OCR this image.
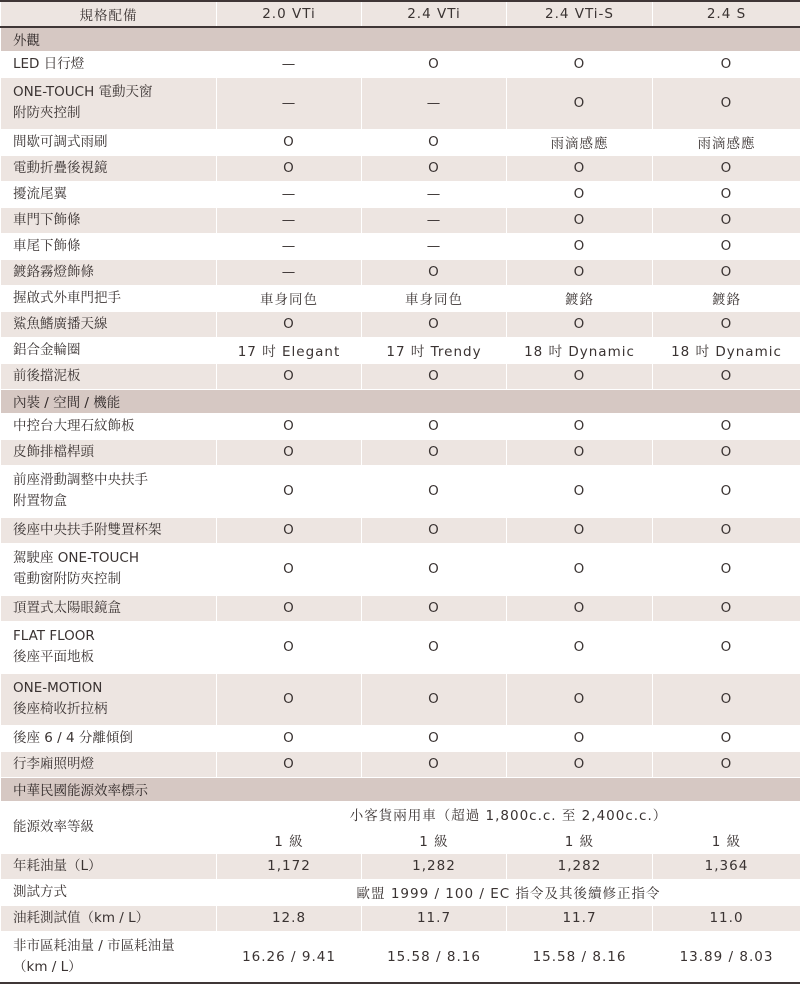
規格配備	2.0 VTi	2.4 VTi	2.4 VTi-S	2.4 S
外觀				

LED 日行燈	—	O	O	O

ONE-TOUCH 電動天窗
附防夾控制	—	—	O	O

間歇可調式雨刷	O	O	雨滴感應	雨滴感應

電動折疊後視鏡	O	O	O	O

擾流尾翼	—	—	O	O

車門下飾條	—	—	O	O

車尾下飾條	—	—	O	O

鍍鉻霧燈飾條	—	O	O	O

握啟式外車門把手	車身同色	車身同色	鍍鉻	鍍鉻

鯊魚鰭廣播天線	O	O	O	O

鋁合金輪圈	17 吋 Elegant	17 吋 Trendy	18 吋 Dynamic	18 吋 Dynamic

前後擋泥板	O	O	O	O
內裝 / 空間 / 機能				

中控台大理石紋飾板	O	O	O	O

皮飾排檔桿頭	O	O	O	O

前座滑動調整中央扶手
附置物盒	O	O	O	O

後座中央扶手附雙置杯架	O	O	O	O

駕駛座 ONE-TOUCH
電動窗附防夾控制	O	O	O	O

頂置式太陽眼鏡盒	O	O	O	O

FLAT FLOOR
後座平面地板	O	O	O	O

ONE-MOTION
後座椅收折拉柄	O	O	O	O

後座 6 / 4 分離傾倒	O	O	O	O

行李廂照明燈	O	O	O	O
中華民國能源效率標示				
能源效率等級	小客貨兩用車（超過 1,800c.c. 至 2,400c.c.）			
	1 級	1 級	1 級	1 級
年耗油量（L）	1,172	1,282	1,282	1,364
測試方式	歐盟 1999 / 100 / EC 指令及其後續修正指令			
油耗測試值（km / L）	12.8	11.7	11.7	11.0

非市區耗油量 / 市區耗油量
（km / L）	16.26 / 9.41	15.58 / 8.16	15.58 / 8.16	13.89 / 8.03
